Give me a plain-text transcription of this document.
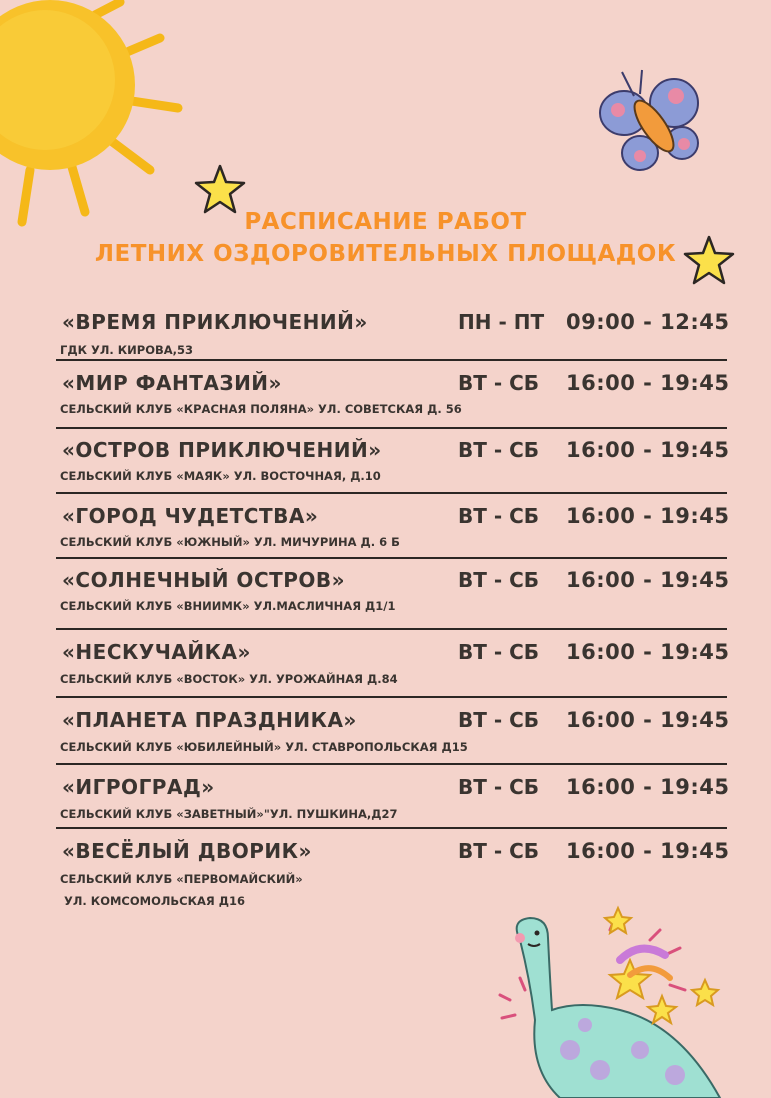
РАСПИСАНИЕ РАБОТ
ЛЕТНИХ ОЗДОРОВИТЕЛЬНЫХ ПЛОЩАДОК
«ВРЕМЯ ПРИКЛЮЧЕНИЙ»	ПН - ПТ 09:00 - 12:45
ГДК УЛ. КИРОВА,53
«МИР ФАНТАЗИЙ»	ВТ - СБ 16:00 - 19:45
СЕЛЬСКИЙ КЛУБ «КРАСНАЯ ПОЛЯНА» УЛ. СОВЕТСКАЯ Д. 56
«ОСТРОВ ПРИКЛЮЧЕНИЙ»	ВТ - СБ 16:00 - 19:45
СЕЛЬСКИЙ КЛУБ «МАЯК» УЛ. ВОСТОЧНАЯ, Д.10
«ГОРОД ЧУДЕТСТВА»	ВТ - СБ 16:00 - 19:45
СЕЛЬСКИЙ КЛУБ «ЮЖНЫЙ» УЛ. МИЧУРИНА Д. 6 Б
«СОЛНЕЧНЫЙ ОСТРОВ»	ВТ - СБ 16:00 - 19:45
СЕЛЬСКИЙ КЛУБ «ВНИИМК» УЛ.МАСЛИЧНАЯ Д1/1
«НЕСКУЧАЙКА»	ВТ - СБ 16:00 - 19:45
СЕЛЬСКИЙ КЛУБ «ВОСТОК» УЛ. УРОЖАЙНАЯ Д.84
«ПЛАНЕТА ПРАЗДНИКА»	ВТ - СБ 16:00 - 19:45
СЕЛЬСКИЙ КЛУБ «ЮБИЛЕЙНЫЙ» УЛ. СТАВРОПОЛЬСКАЯ Д15
«ИГРОГРАД»	ВТ - СБ 16:00 - 19:45
СЕЛЬСКИЙ КЛУБ «ЗАВЕТНЫЙ»"УЛ. ПУШКИНА,Д27
«ВЕСЁЛЫЙ ДВОРИК»	ВТ - СБ 16:00 - 19:45
СЕЛЬСКИЙ КЛУБ «ПЕРВОМАЙСКИЙ»
УЛ. КОМСОМОЛЬСКАЯ Д16
